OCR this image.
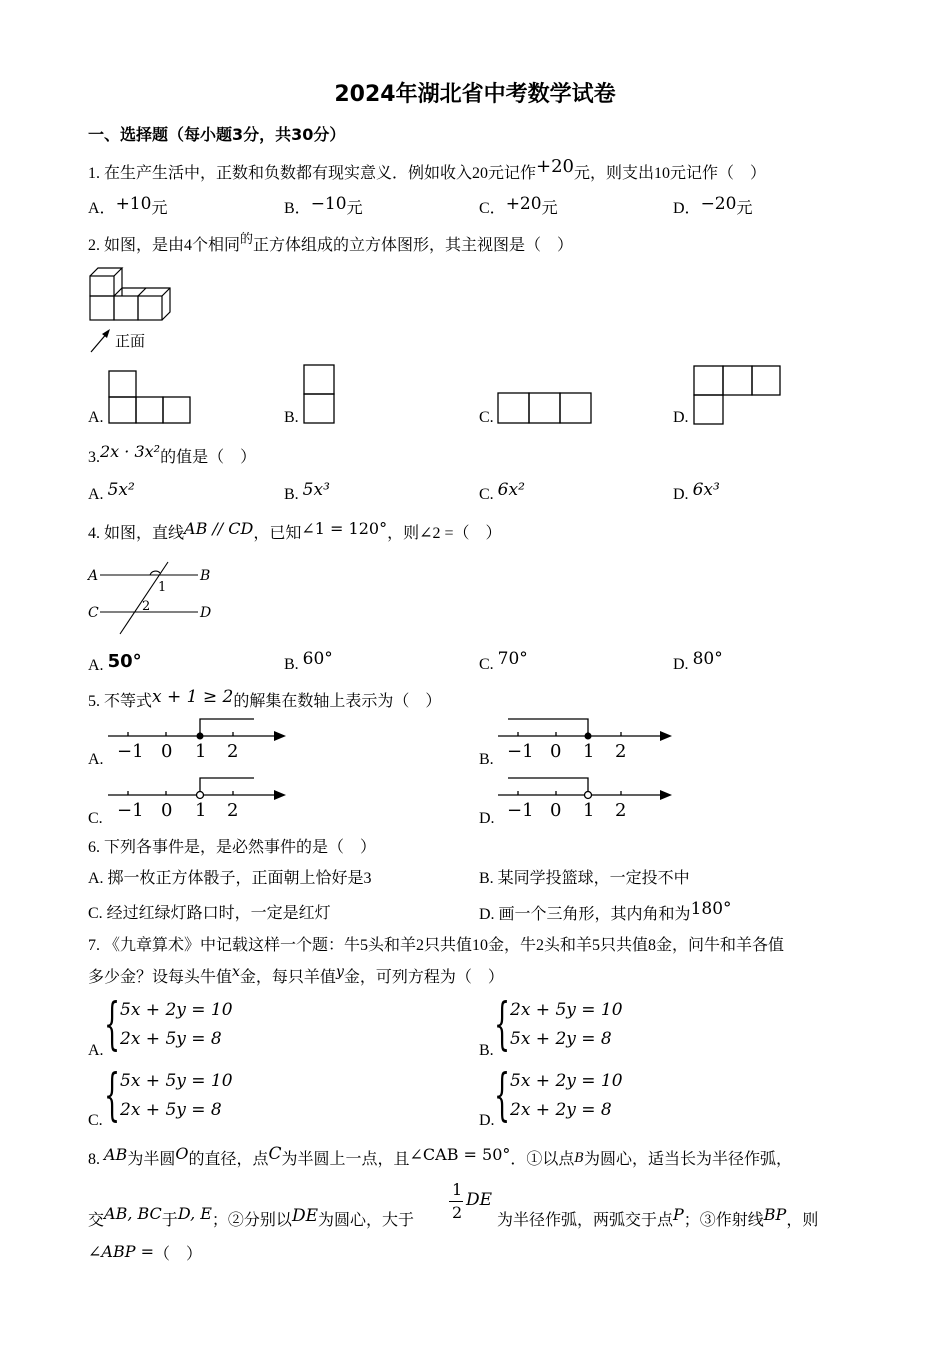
2024年湖北省中考数学试卷
一、选择题（每小题3分，共30分）
1. 在生产生活中，正数和负数都有现实意义．例如收入20元记作+20元，则支出10元记作（　）
A．+10元	B．−10元	C．+20元	D．−20元
2. 如图，是由4个相同$^的$正方体组成的立方体图形，其主视图是（　）
正面
A.	B.	C.	D.
3.2x · 3x²的值是（　）
A. 5x²	B. 5x³	C. 6x²	D. 6x³
4. 如图，直线AB // CD，已知∠1 = 120°，则∠2 =（　）
A	B
C	D
1
2
A. 50°	B. 60°	C. 70°	D. 80°
5. 不等式x + 1 ≥ 2的解集在数轴上表示为（　）
A. −1 0 1 2	B. −1 0 1 2
C. −1 0 1 2	D. −1 0 1 2
6. 下列各事件是，是必然事件的是（　）
A. 掷一枚正方体骰子，正面朝上恰好是3	B. 某同学投篮球，一定投不中
C. 经过红绿灯路口时，一定是红灯	D. 画一个三角形，其内角和为180°
7. 《九章算术》中记载这样一个题：牛5头和羊2只共值10金，牛2头和羊5只共值8金，问牛和羊各值
多少金？设每头牛值x金，每只羊值y金，可列方程为（　）
A. { 5x + 2y = 10
2x + 5y = 8
B. { 2x + 5y = 10
5x + 2y = 8
C. { 5x + 5y = 10
2x + 5y = 8
D. { 5x + 2y = 10
2x + 2y = 8
8. AB为半圆O的直径，点C为半圆上一点，且∠CAB = 50°．①以点B为圆心，适当长为半径作弧，
交AB, BC于D, E；②分别以DE为圆心，大于
1
2
DE
为半径作弧，两弧交于点P；③作射线BP，则
∠ABP =（　）
